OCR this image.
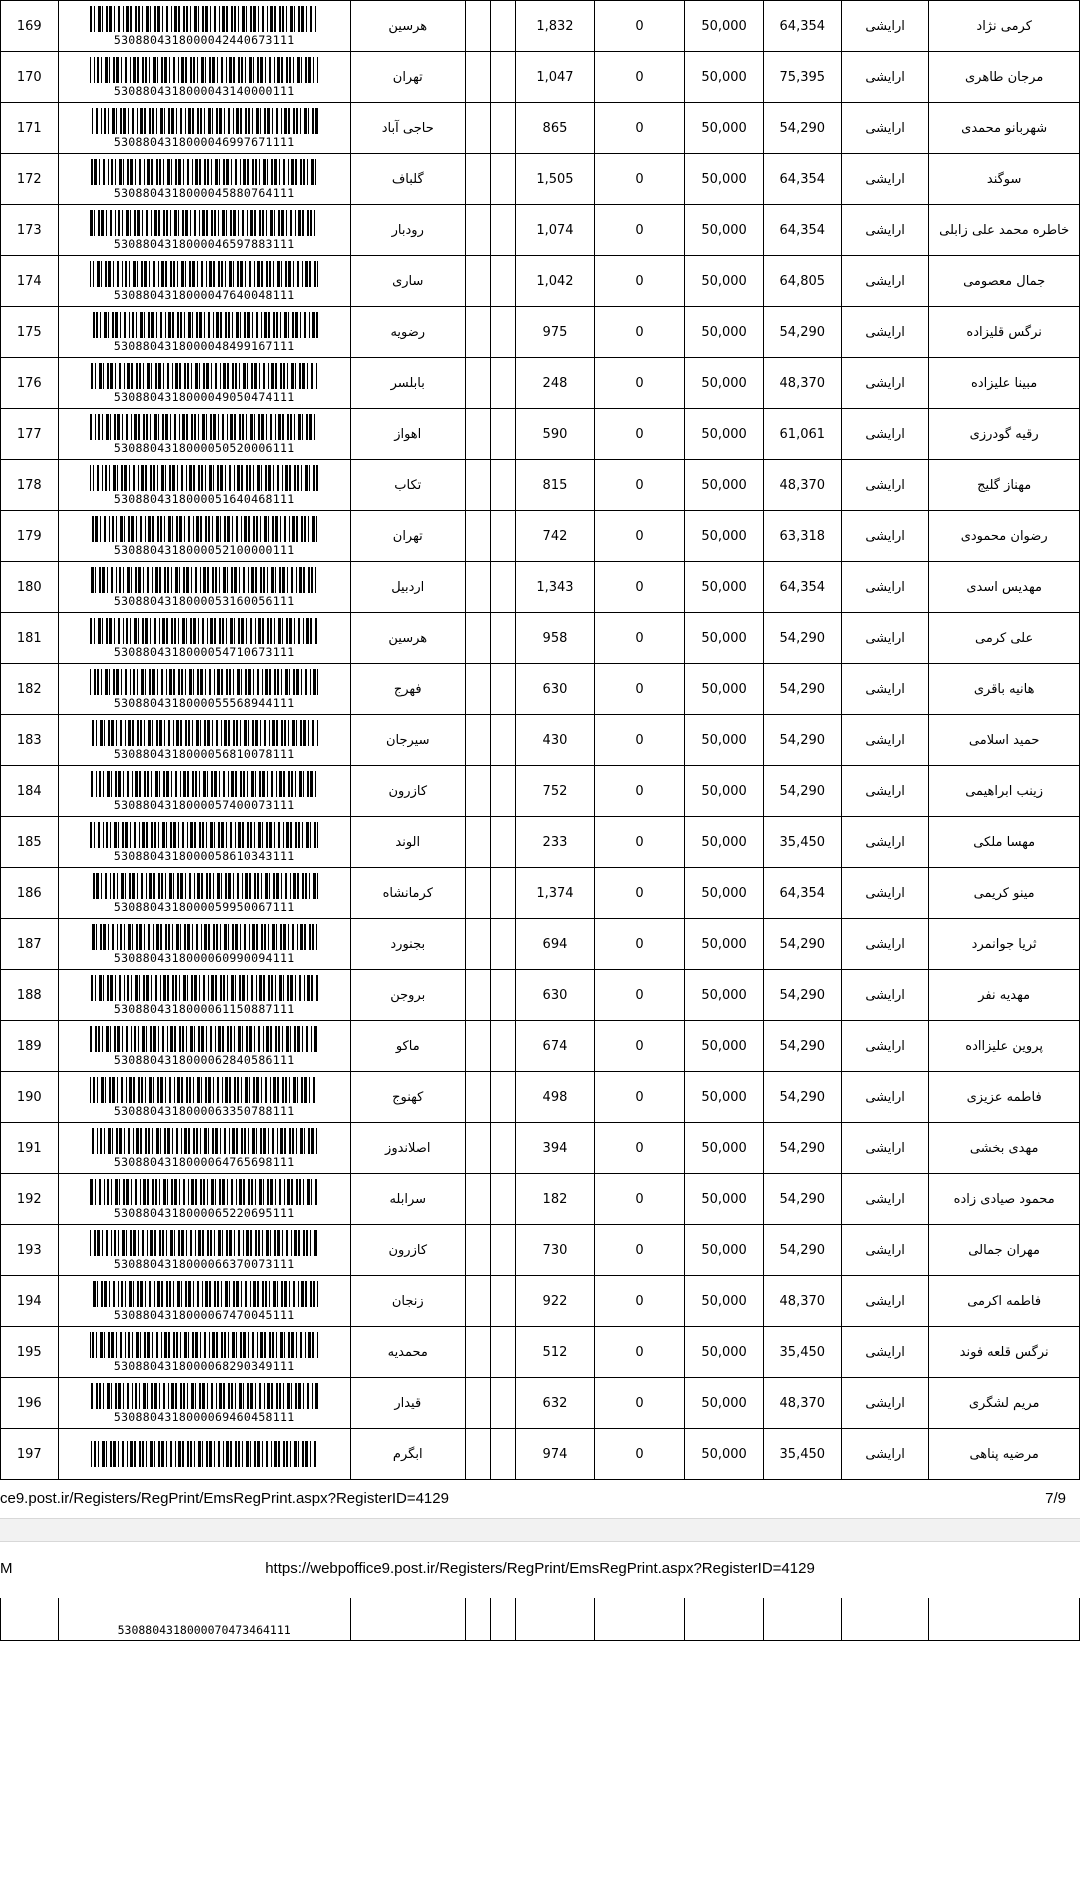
کرمی نژاد	ارایشی	64,354	50,000	0	1,832			هرسین	5308804318000042440673111	169
مرجان طاهری	ارایشی	75,395	50,000	0	1,047			تهران	5308804318000043140000111	170
شهربانو محمدی	ارایشی	54,290	50,000	0	865			حاجی آباد	5308804318000046997671111	171
سوگند	ارایشی	64,354	50,000	0	1,505			گلباف	5308804318000045880764111	172
خاطره محمد علی زابلی	ارایشی	64,354	50,000	0	1,074			رودبار	5308804318000046597883111	173
جمال معصومی	ارایشی	64,805	50,000	0	1,042			ساری	5308804318000047640048111	174
نرگس قلیزاده	ارایشی	54,290	50,000	0	975			رضویه	5308804318000048499167111	175
مبینا علیزاده	ارایشی	48,370	50,000	0	248			بابلسر	5308804318000049050474111	176
رقیه گودرزی	ارایشی	61,061	50,000	0	590			اهواز	5308804318000050520006111	177
مهناز گلیج	ارایشی	48,370	50,000	0	815			تکاب	5308804318000051640468111	178
رضوان محمودی	ارایشی	63,318	50,000	0	742			تهران	5308804318000052100000111	179
مهدیس اسدی	ارایشی	64,354	50,000	0	1,343			اردبیل	5308804318000053160056111	180
علی کرمی	ارایشی	54,290	50,000	0	958			هرسین	5308804318000054710673111	181
هانیه باقری	ارایشی	54,290	50,000	0	630			فهرج	5308804318000055568944111	182
حمید اسلامی	ارایشی	54,290	50,000	0	430			سیرجان	5308804318000056810078111	183
زینب ابراهیمی	ارایشی	54,290	50,000	0	752			کازرون	5308804318000057400073111	184
مهسا ملکی	ارایشی	35,450	50,000	0	233			الوند	5308804318000058610343111	185
مینو کریمی	ارایشی	64,354	50,000	0	1,374			کرمانشاه	5308804318000059950067111	186
ثریا جوانمرد	ارایشی	54,290	50,000	0	694			بجنورد	5308804318000060990094111	187
مهدیه نفر	ارایشی	54,290	50,000	0	630			بروجن	5308804318000061150887111	188
پروین علیزااده	ارایشی	54,290	50,000	0	674			ماکو	5308804318000062840586111	189
فاطمه عزیزی	ارایشی	54,290	50,000	0	498			کهنوج	5308804318000063350788111	190
مهدی بخشی	ارایشی	54,290	50,000	0	394			اصلاندوز	5308804318000064765698111	191
محمود صیادی زاده	ارایشی	54,290	50,000	0	182			سرابله	5308804318000065220695111	192
مهران جمالی	ارایشی	54,290	50,000	0	730			کازرون	5308804318000066370073111	193
فاطمه اکرمی	ارایشی	48,370	50,000	0	922			زنجان	5308804318000067470045111	194
نرگس قلعه فوند	ارایشی	35,450	50,000	0	512			محمدیه	5308804318000068290349111	195
مریم لشگری	ارایشی	48,370	50,000	0	632			قیدار	5308804318000069460458111	196
مرضیه پناهی	ارایشی	35,450	50,000	0	974			ابگرم		197
ce9.post.ir/Registers/RegPrint/EmsRegPrint.aspx?RegisterID=4129	7/9
M	https://webpoffice9.post.ir/Registers/RegPrint/EmsRegPrint.aspx?RegisterID=4129
									5308804318000070473464111	
